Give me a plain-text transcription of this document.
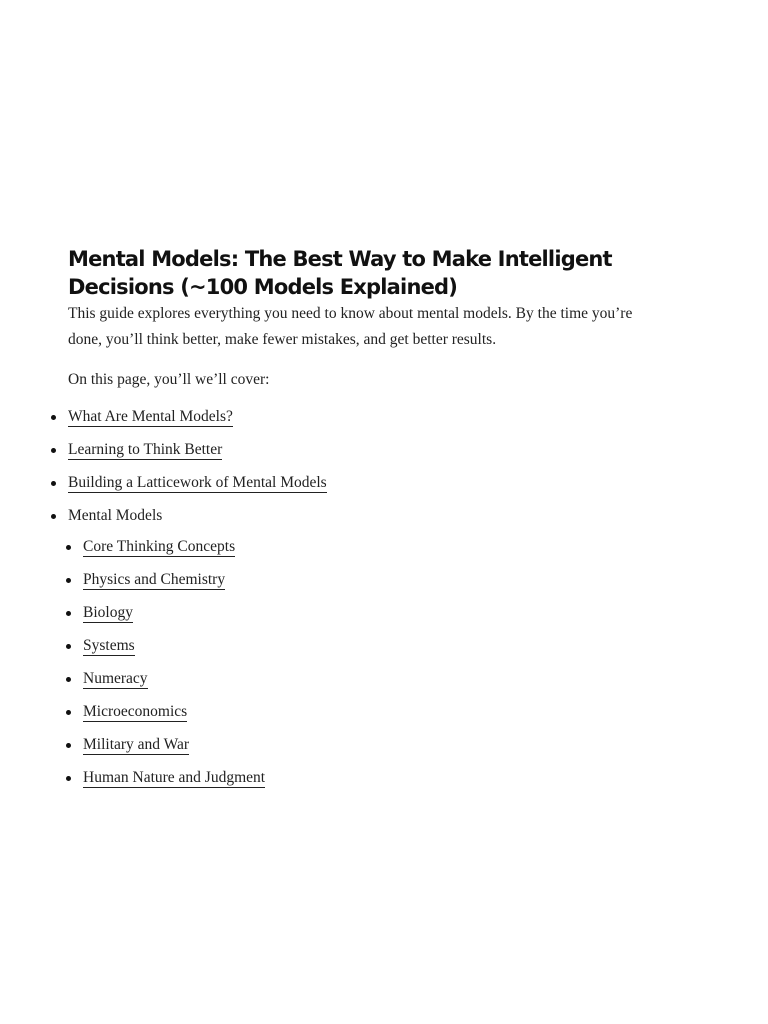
Mental Models: The Best Way to Make Intelligent
Decisions (~100 Models Explained)

This guide explores everything you need to know about mental models. By the time you’re
done, you’ll think better, make fewer mistakes, and get better results.

On this page, you’ll we’ll cover:

What Are Mental Models?
Learning to Think Better
Building a Latticework of Mental Models
Mental Models
Core Thinking Concepts
Physics and Chemistry
Biology
Systems
Numeracy
Microeconomics
Military and War
Human Nature and Judgment
